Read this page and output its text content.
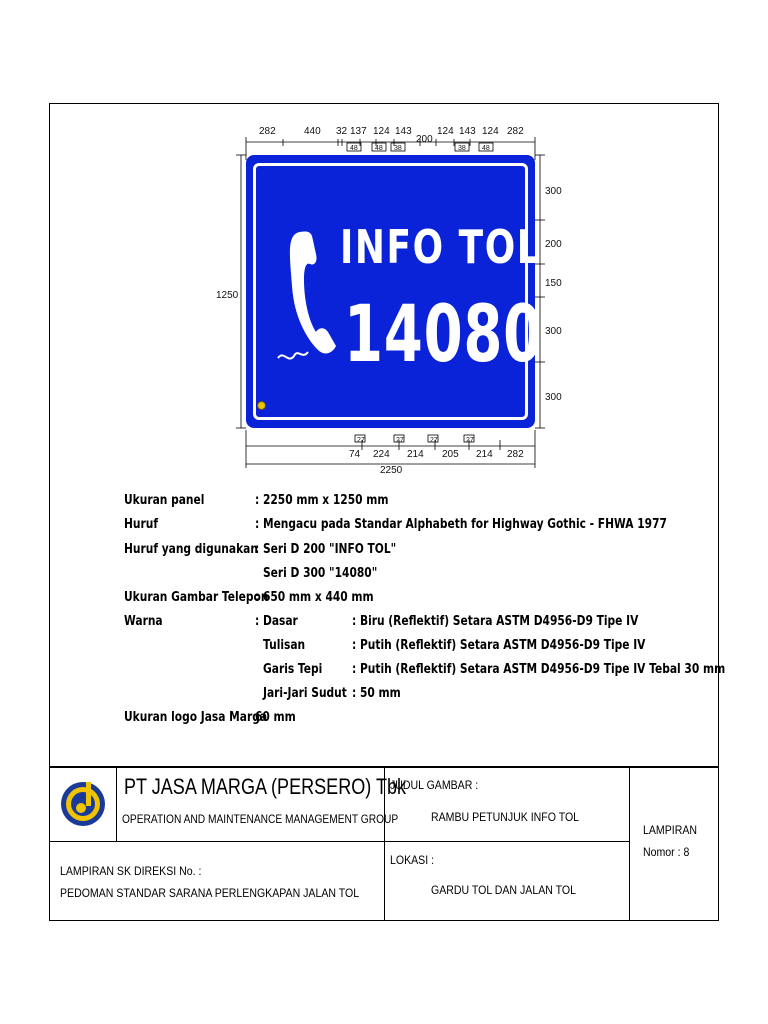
282	440 32 137 124 143
200
124 143 124 282
48 48 38	38 48
300
200
150
300
300
1250
74 224 214 205 214 282
27	27	27	27
2250
INFO TOL
14080
Ukuran panel	: 2250 mm x 1250 mm
Huruf	: Mengacu pada Standar Alphabeth for Highway Gothic - FHWA 1977
Huruf yang digunakan
: Seri D 200 "INFO TOL"
Seri D 300 "14080"
Ukuran Gambar Telepon
: 650 mm x 440 mm
Warna	: Dasar	: Biru (Reflektif) Setara ASTM D4956-D9 Tipe IV
Tulisan	: Putih (Reflektif) Setara ASTM D4956-D9 Tipe IV
Garis Tepi : Putih (Reflektif) Setara ASTM D4956-D9 Tipe IV Tebal 30 mm
Jari-Jari Sudut : 50 mm
Ukuran logo Jasa Marga
60 mm
PT JASA MARGA (PERSERO) Tbk
OPERATION AND MAINTENANCE MANAGEMENT GROUP
JUDUL GAMBAR :
RAMBU PETUNJUK INFO TOL
LAMPIRAN
Nomor : 8
LAMPIRAN SK DIREKSI No. :
PEDOMAN STANDAR SARANA PERLENGKAPAN JALAN TOL
LOKASI :
GARDU TOL DAN JALAN TOL
